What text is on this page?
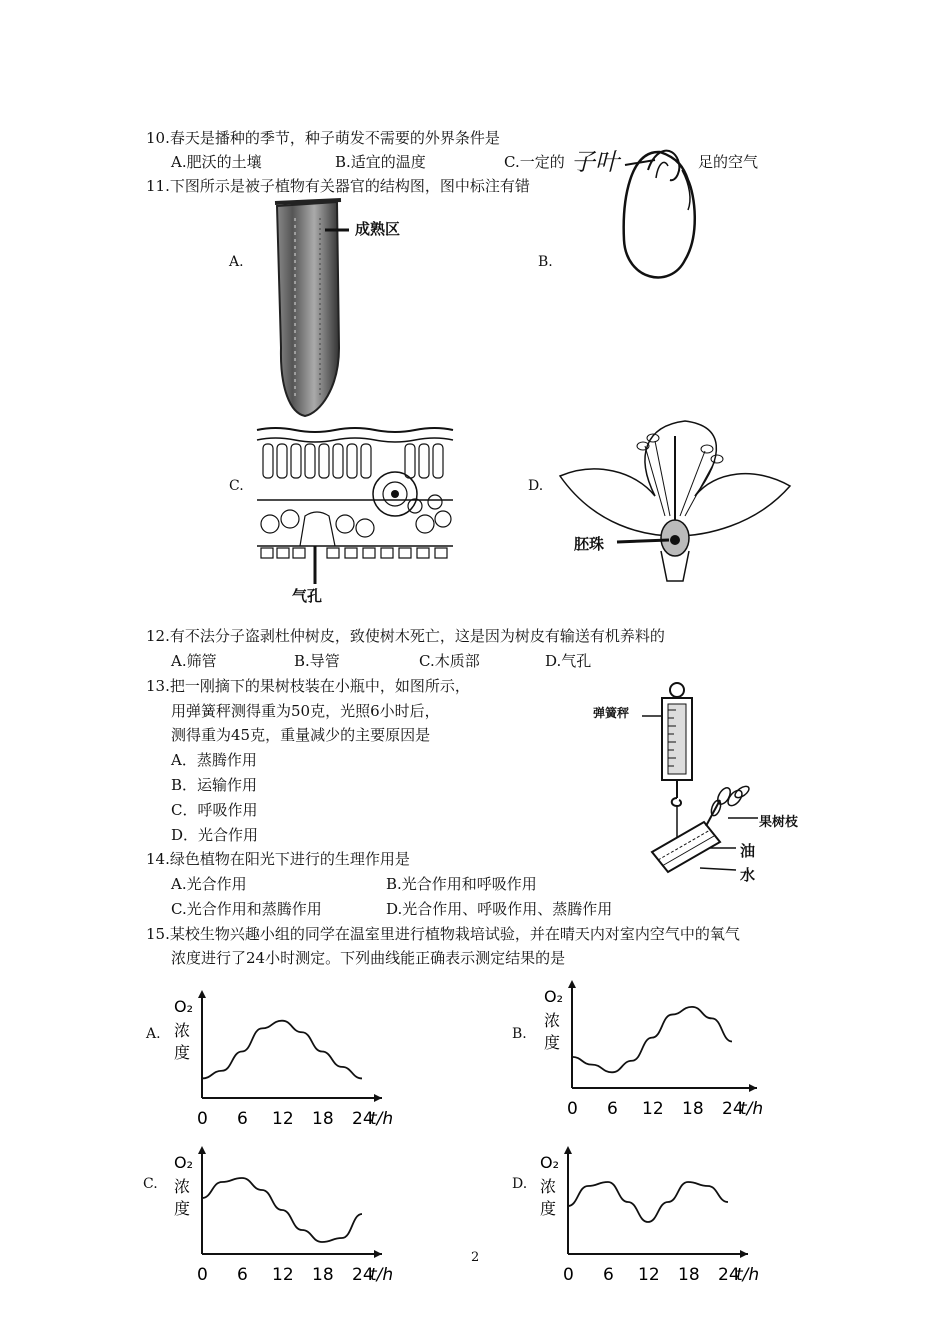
10.春天是播种的季节，种子萌发不需要的外界条件是
A.肥沃的土壤	B.适宜的温度	C.一定的	足的空气
子叶
11.下图所示是被子植物有关器官的结构图，图中标注有错
A.	B.
C.	D.
成熟区
气孔
胚珠
12.有不法分子盗剥杜仲树皮，致使树木死亡，这是因为树皮有输送有机养料的
A.筛管	B.导管	C.木质部	D.气孔
13.把一刚摘下的果树枝装在小瓶中，如图所示，
用弹簧秤测得重为50克，光照6小时后，
测得重为45克，重量减少的主要原因是
A．蒸腾作用
B．运输作用
C．呼吸作用
D．光合作用
弹簧秤
果树枝
油
水
14.绿色植物在阳光下进行的生理作用是
A.光合作用	B.光合作用和呼吸作用
C.光合作用和蒸腾作用	D.光合作用、呼吸作用、蒸腾作用
15.某校生物兴趣小组的同学在温室里进行植物栽培试验，并在晴天内对室内空气中的氧气
浓度进行了24小时测定。下列曲线能正确表示测定结果的是
A.	B.
C.	D.
O₂
浓
度
0 6 12 18 24
t/h
O₂
浓
度
0 6 12 18 24
t/h
O₂
浓
度
0 6 12 18 24
t/h
O₂
浓
度
0 6 12 18 24
t/h
2
